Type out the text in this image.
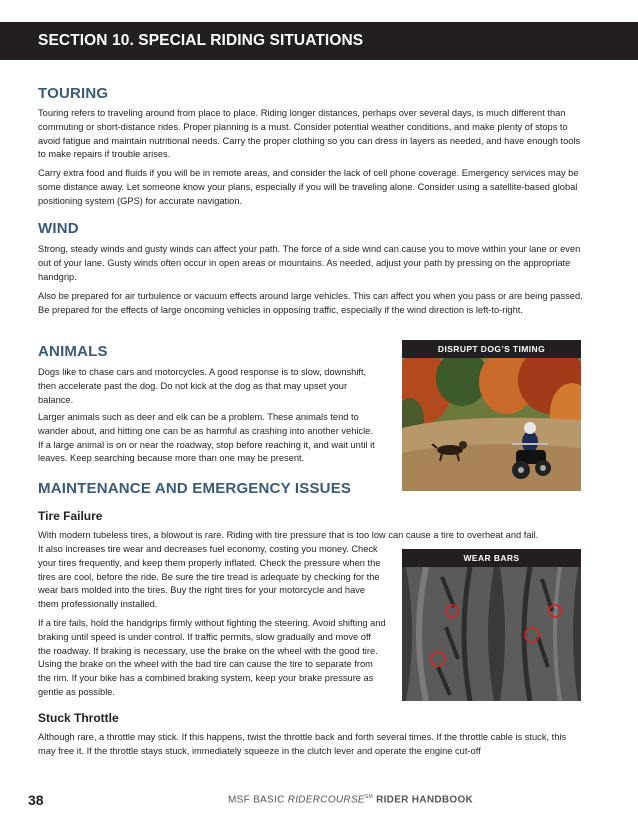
SECTION 10. SPECIAL RIDING SITUATIONS
TOURING

Touring refers to traveling around from place to place. Riding longer distances, perhaps over several days, is much different than commuting or short-distance rides. Proper planning is a must. Consider potential weather conditions, and make plenty of stops to avoid fatigue and maintain nutritional needs. Carry the proper clothing so you can dress in layers as needed, and have enough tools to make repairs if trouble arises.

Carry extra food and fluids if you will be in remote areas, and consider the lack of cell phone coverage. Emergency services may be some distance away. Let someone know your plans, especially if you will be traveling alone. Consider using a satellite-based global positioning system (GPS) for accurate navigation.

WIND

Strong, steady winds and gusty winds can affect your path. The force of a side wind can cause you to move within your lane or even out of your lane. Gusty winds often occur in open areas or mountains. As needed, adjust your path by pressing on the appropriate handgrip.

Also be prepared for air turbulence or vacuum effects around large vehicles. This can affect you when you pass or are being passed. Be prepared for the effects of large oncoming vehicles in opposing traffic, especially if the wind direction is left-to-right.

ANIMALS

Dogs like to chase cars and motorcycles. A good response is to slow, downshift, then accelerate past the dog. Do not kick at the dog as that may upset your balance.

Larger animals such as deer and elk can be a problem. These animals tend to wander about, and hitting one can be as harmful as crashing into another vehicle. If a large animal is on or near the roadway, stop before reaching it, and wait until it leaves. Keep searching because more than one may be present.

DISRUPT DOG’S TIMING
MAINTENANCE AND EMERGENCY ISSUES
Tire Failure

With modern tubeless tires, a blowout is rare. Riding with tire pressure that is too low can cause a tire to overheat and fail.

It also increases tire wear and decreases fuel economy, costing you money. Check your tires frequently, and keep them properly inflated. Check the pressure when the tires are cool, before the ride. Be sure the tire tread is adequate by checking for the wear bars molded into the tires. Buy the right tires for your motorcycle and have them professionally installed.

If a tire fails, hold the handgrips firmly without fighting the steering. Avoid shifting and braking until speed is under control. If traffic permits, slow gradually and move off the roadway. If braking is necessary, use the brake on the wheel with the good tire. Using the brake on the wheel with the bad tire can cause the tire to separate from the rim. If your bike has a combined braking system, keep your brake pressure as gentle as possible.

WEAR BARS
Stuck Throttle

Although rare, a throttle may stick. If this happens, twist the throttle back and forth several times. If the throttle cable is stuck, this may free it. If the throttle stays stuck, immediately squeeze in the clutch lever and operate the engine cut-off

38	MSF BASIC RIDERCOURSE℠ RIDER HANDBOOK
